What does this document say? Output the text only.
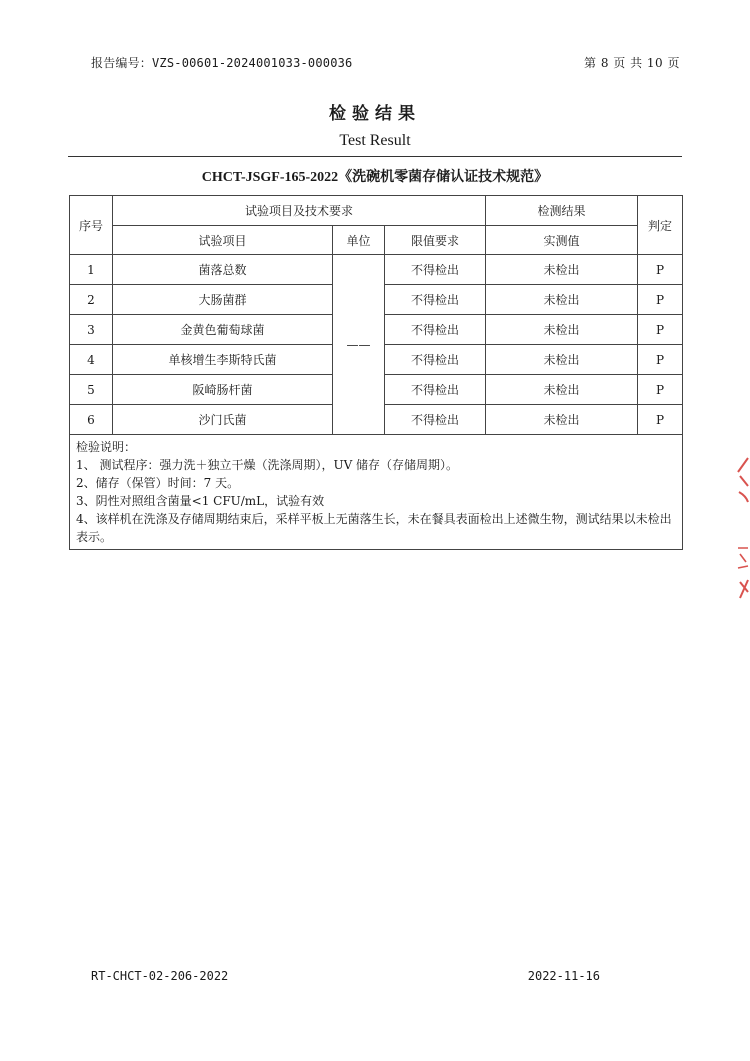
报告编号：VZS-00601-2024001033-000036	第 8 页 共 10 页
检验结果
Test Result
CHCT-JSGF-165-2022《洗碗机零菌存储认证技术规范》
序号	试验项目及技术要求			检测结果	判定
	试验项目	单位	限值要求	实测值	
1	菌落总数	——	不得检出	未检出	P
2	大肠菌群		不得检出	未检出	P
3	金黄色葡萄球菌		不得检出	未检出	P
4	单核增生李斯特氏菌		不得检出	未检出	P
5	阪崎肠杆菌		不得检出	未检出	P
6	沙门氏菌		不得检出	未检出	P

检验说明：
1、 测试程序：强力洗＋独立干燥（洗涤周期），UV 储存（存储周期）。
2、储存（保管）时间：7 天。
3、阴性对照组含菌量<1 CFU/mL，试验有效
4、该样机在洗涤及存储周期结束后，采样平板上无菌落生长，未在餐具表面检出上述微生物，测试结果以未检出表示。					
RT-CHCT-02-206-2022	2022-11-16
